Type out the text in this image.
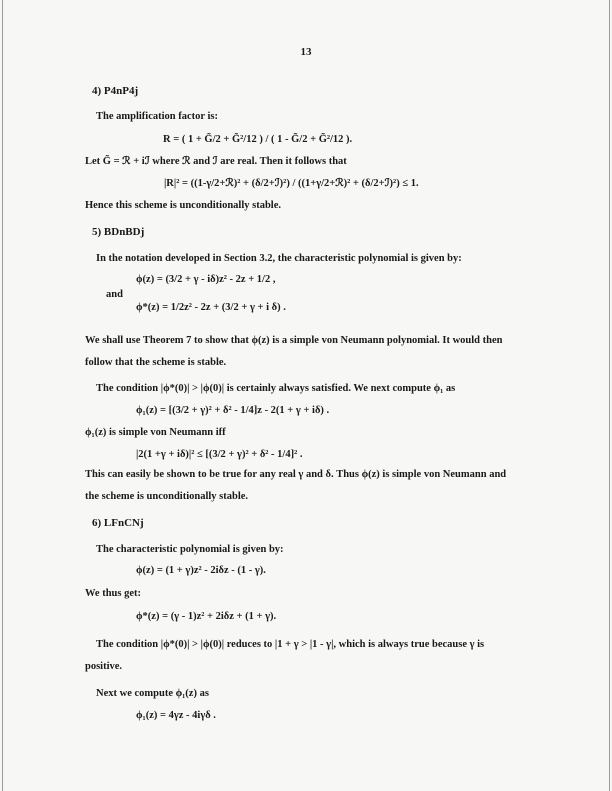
13
4) P4nP4j
The amplification factor is:
R = ( 1 + G̃/2 + G̃²/12 ) / ( 1 - G̃/2 + G̃²/12 ).
Let G̃ = ℛ + iℐ where ℛ and ℐ are real. Then it follows that
|R|² = ((1-γ/2+ℛ)² + (δ/2+ℐ)²) / ((1+γ/2+ℛ)² + (δ/2+ℐ)²) ≤ 1.
Hence this scheme is unconditionally stable.
5) BDnBDj
In the notation developed in Section 3.2, the characteristic polynomial is given by:
ϕ(z) = (3/2 + γ - iδ)z² - 2z + 1/2 ,
and
ϕ*(z) = 1/2z² - 2z + (3/2 + γ + i δ) .
We shall use Theorem 7 to show that ϕ(z) is a simple von Neumann polynomial. It would then
follow that the scheme is stable.
The condition |ϕ*(0)| > |ϕ(0)| is certainly always satisfied. We next compute ϕ₁ as
ϕ₁(z) = [(3/2 + γ)² + δ² - 1/4]z - 2(1 + γ + iδ) .
ϕ₁(z) is simple von Neumann iff
|2(1 +γ + iδ)|² ≤ [(3/2 + γ)² + δ² - 1/4]² .
This can easily be shown to be true for any real γ and δ. Thus ϕ(z) is simple von Neumann and
the scheme is unconditionally stable.
6) LFnCNj
The characteristic polynomial is given by:
ϕ(z) = (1 + γ)z² - 2iδz - (1 - γ).
We thus get:
ϕ*(z) = (γ - 1)z² + 2iδz + (1 + γ).
The condition |ϕ*(0)| > |ϕ(0)| reduces to |1 + γ > |1 - γ|, which is always true because γ is
positive.
Next we compute ϕ₁(z) as
ϕ₁(z) = 4γz - 4iγδ .
